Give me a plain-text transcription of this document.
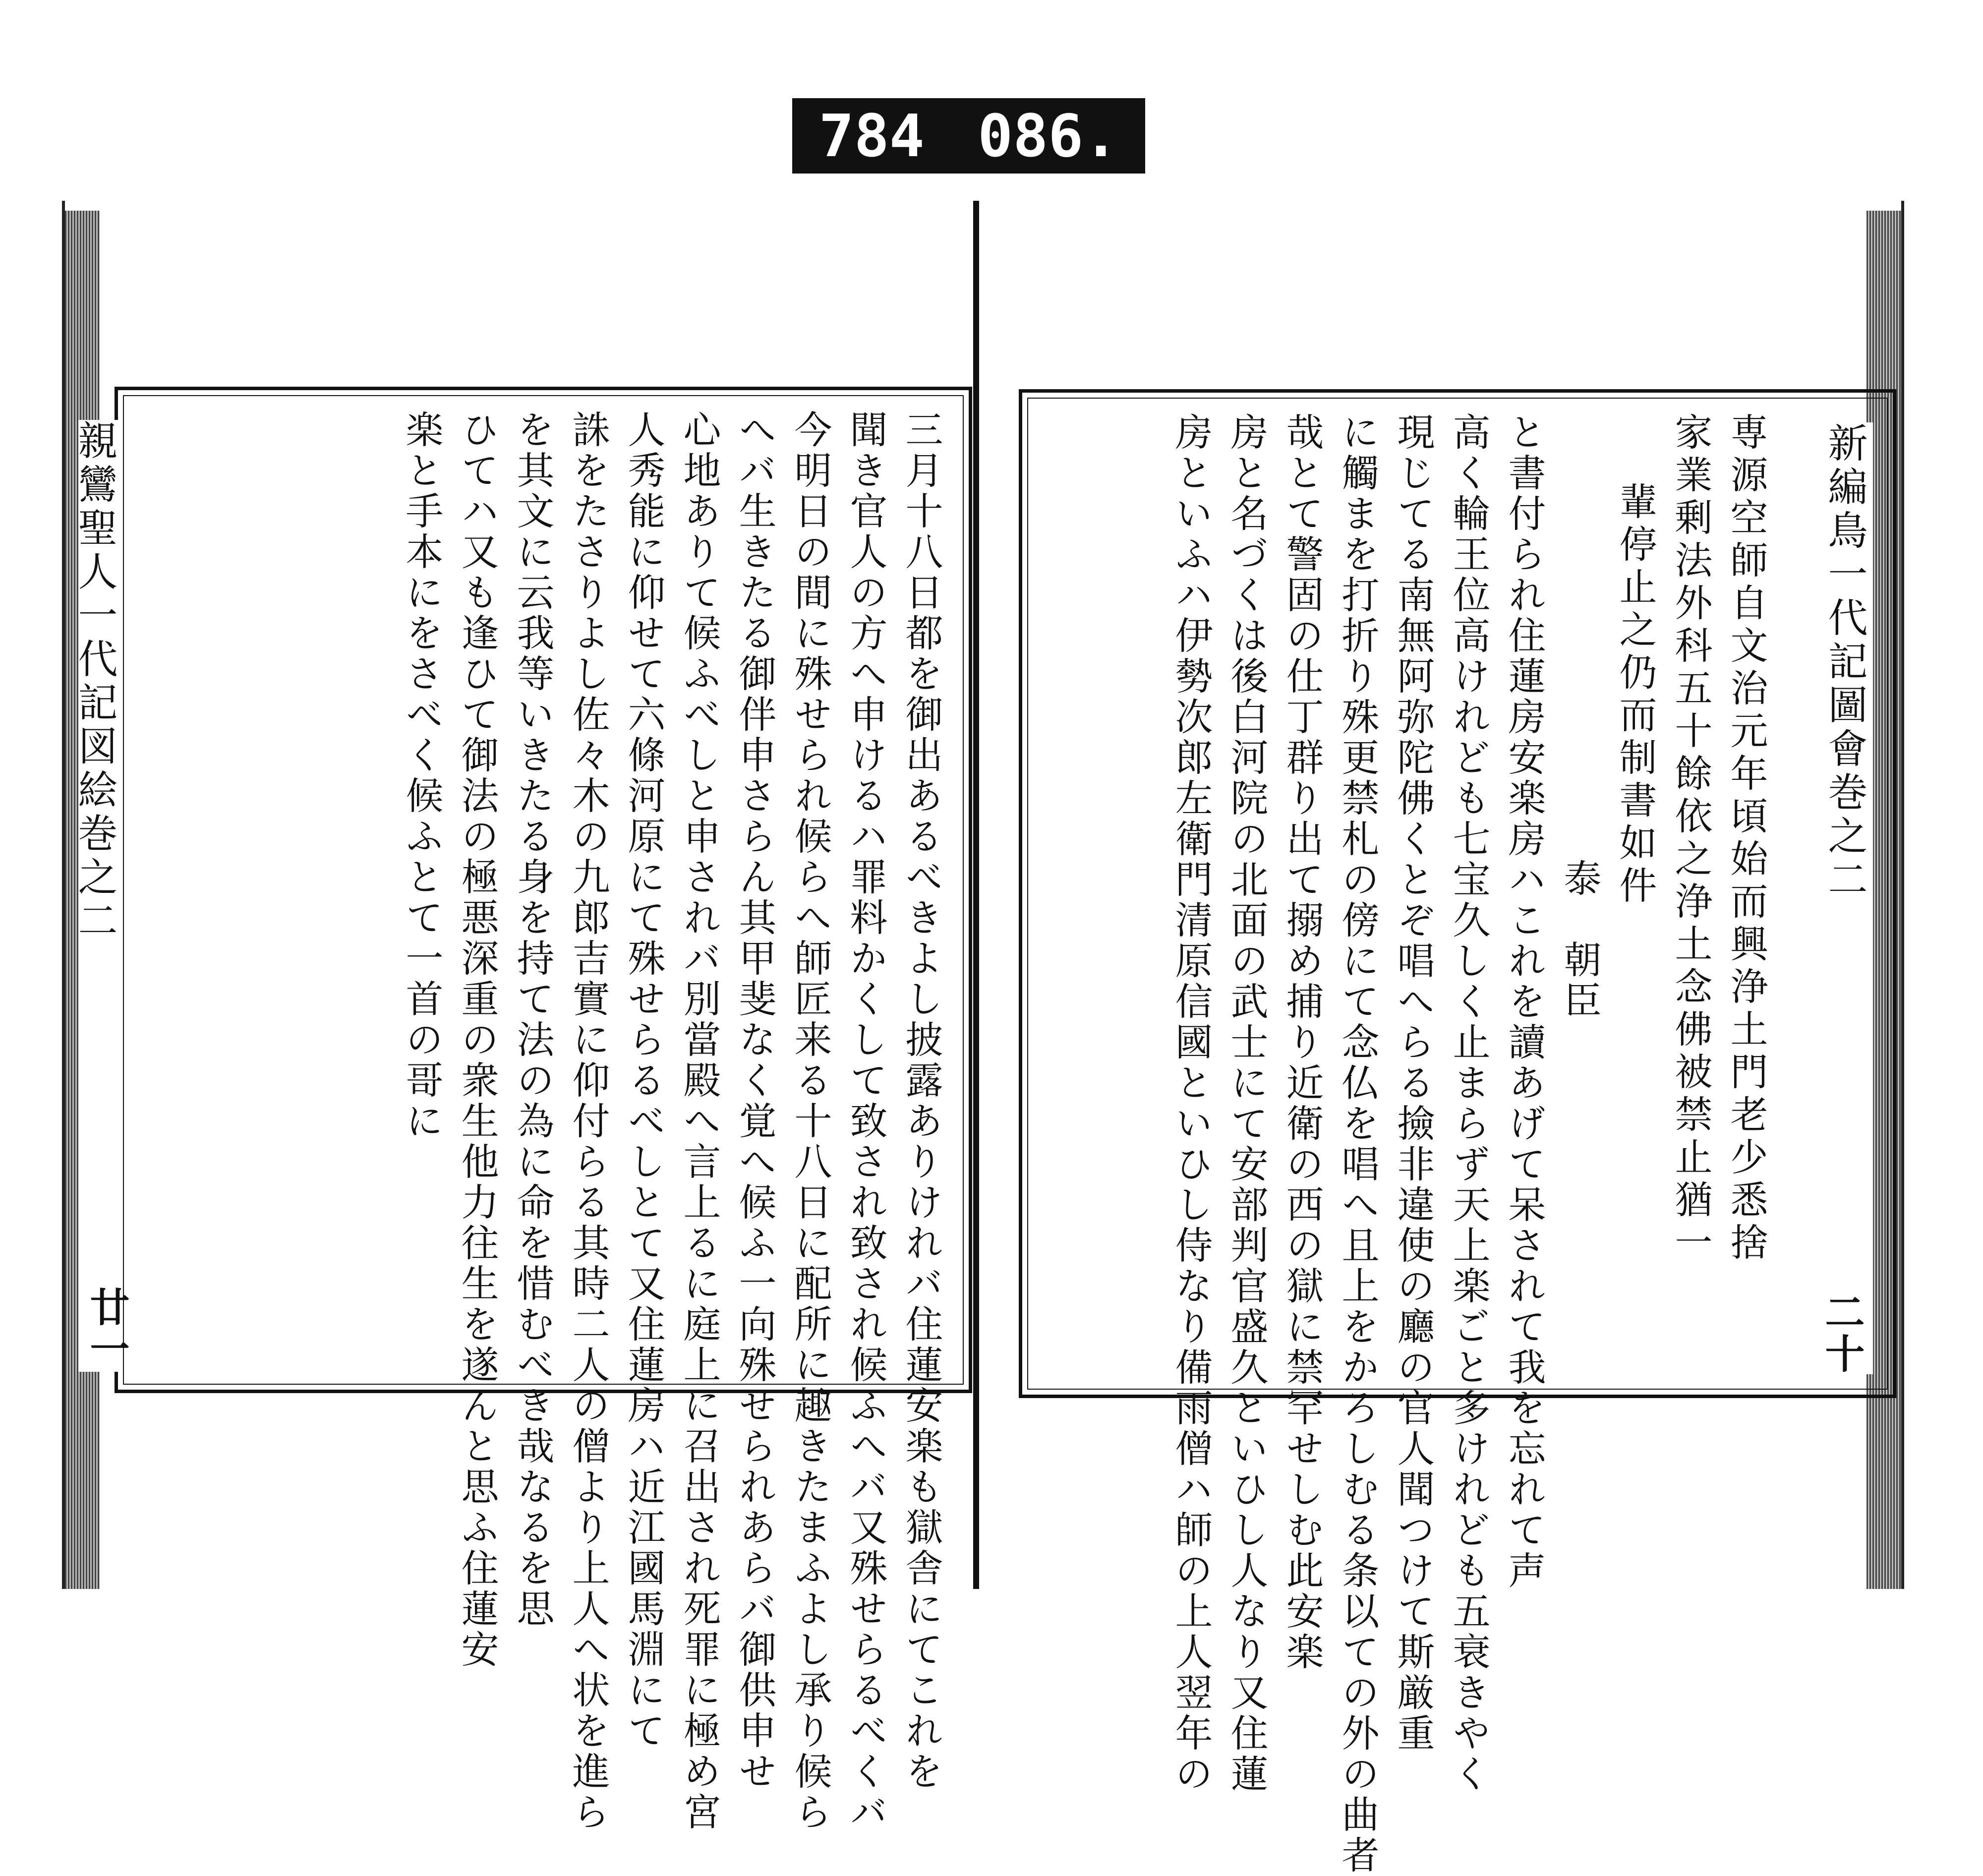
784 086.
親鸞聖人一代記図絵巻之二
廿一	三月十八日都を御出あるべきよし披露ありけれバ住蓮安楽も獄舎にてこれを
聞き官人の方へ申けるハ罪料かくして致され致され候ふへバ又殊せらるべくバ
今明日の間に殊せられ候らへ師匠来る十八日に配所に趣きたまふよし承り候ら
へバ生きたる御伴申さらん其甲斐なく覚へ候ふ一向殊せられあらバ御供申せ
心地ありて候ふべしと申されバ別當殿へ言上るに庭上に召出され死罪に極め宮
人秀能に仰せて六條河原にて殊せらるべしとて又住蓮房ハ近江國馬淵にて
誅をたさりよし佐々木の九郎吉實に仰付らる其時二人の僧より上人へ状を進ら
を其文に云我等いきたる身を持て法の為に命を惜むべき哉なるを思
ひてハ又も逢ひて御法の極悪深重の衆生他力往生を遂んと思ふ住蓮安
楽と手本にをさべく候ふとて一首の哥に	新編鳥一代記圖會巻之二
二十
専源空師自文治元年頃始而興浄土門老少悉捨
家業剰法外科五十餘依之浄土念佛被禁止猶一
輩停止之仍而制書如件
泰　朝臣
と書付られ住蓮房安楽房ハこれを讀あげて呆されて我を忘れて声
高く輪王位高けれども七宝久しく止まらず天上楽ごと多けれども五衰きやく
現じてる南無阿弥陀佛くとぞ唱へらる撿非違使の廳の官人聞つけて斯厳重
に觸まを打折り殊更禁札の傍にて念仏を唱へ且上をかろしむる条以ての外の曲者
哉とて警固の仕丁群り出て搦め捕り近衛の西の獄に禁罕せしむ此安楽
房と名づくは後白河院の北面の武士にて安部判官盛久といひし人なり又住蓮
房といふハ伊勢次郎左衛門清原信國といひし侍なり備雨僧ハ師の上人翌年の
